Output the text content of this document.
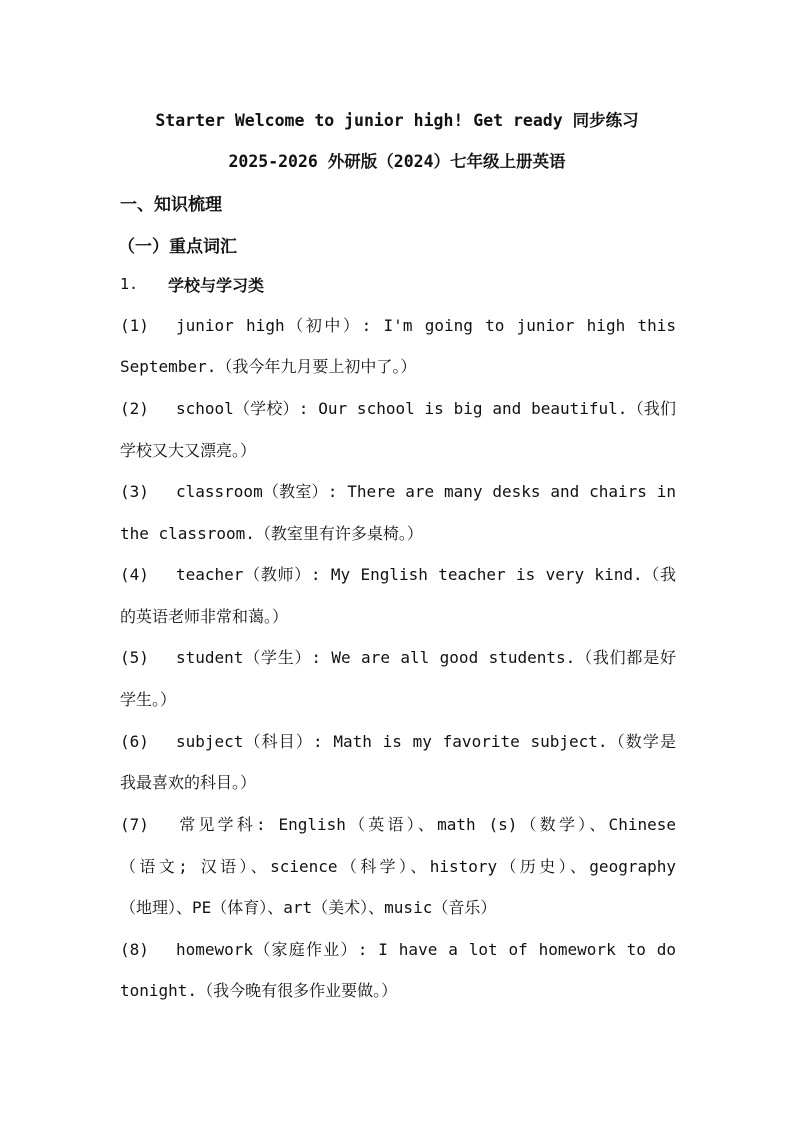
Starter Welcome to junior high! Get ready 同步练习
2025-2026 外研版（2024）七年级上册英语
一、知识梳理
（一）重点词汇
1. 学校与学习类
(1) junior high（初中）: I'm going to junior high this
September.（我今年九月要上初中了。）
(2) school（学校）: Our school is big and beautiful.（我们
学校又大又漂亮。）
(3) classroom（教室）: There are many desks and chairs in
the classroom.（教室里有许多桌椅。）
(4) teacher（教师）: My English teacher is very kind.（我
的英语老师非常和蔼。）
(5) student（学生）: We are all good students.（我们都是好
学生。）
(6) subject（科目）: Math is my favorite subject.（数学是
我最喜欢的科目。）
(7) 常见学科: English（英语）、math (s)（数学）、Chinese
（语文; 汉语）、science（科学）、history（历史）、geography
（地理）、PE（体育）、art（美术）、music（音乐）
(8) homework（家庭作业）: I have a lot of homework to do
tonight.（我今晚有很多作业要做。）
